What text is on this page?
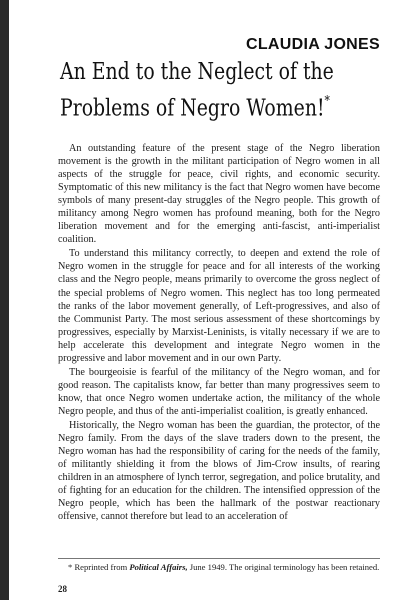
CLAUDIA JONES
An End to the Neglect of the
Problems of Negro Women!*

An outstanding feature of the present stage of the Negro liberation movement is the growth in the militant participation of Negro women in all aspects of the struggle for peace, civil rights, and economic security. Symptomatic of this new militancy is the fact that Negro women have become symbols of many present-day struggles of the Negro people. This growth of militancy among Negro women has profound meaning, both for the Negro liberation movement and for the emerging anti-fascist, anti-imperialist coalition.

To understand this militancy correctly, to deepen and extend the role of Negro women in the struggle for peace and for all interests of the working class and the Negro people, means primarily to overcome the gross neglect of the special problems of Negro women. This neglect has too long permeated the ranks of the labor movement generally, of Left-progressives, and also of the Communist Party. The most serious assessment of these shortcomings by progressives, especially by Marxist-Leninists, is vitally necessary if we are to help accelerate this development and integrate Negro women in the progressive and labor movement and in our own Party.

The bourgeoisie is fearful of the militancy of the Negro woman, and for good reason. The capitalists know, far better than many progressives seem to know, that once Negro women undertake action, the militancy of the whole Negro people, and thus of the anti-imperialist coalition, is greatly enhanced.

Historically, the Negro woman has been the guardian, the protector, of the Negro family. From the days of the slave traders down to the present, the Negro woman has had the responsibility of caring for the needs of the family, of militantly shielding it from the blows of Jim-Crow insults, of rearing children in an atmosphere of lynch terror, segregation, and police brutality, and of fighting for an education for the children. The intensified oppression of the Negro people, which has been the hallmark of the postwar reactionary offensive, cannot therefore but lead to an acceleration of

* Reprinted from Political Affairs, June 1949. The original terminology has been retained.
28
